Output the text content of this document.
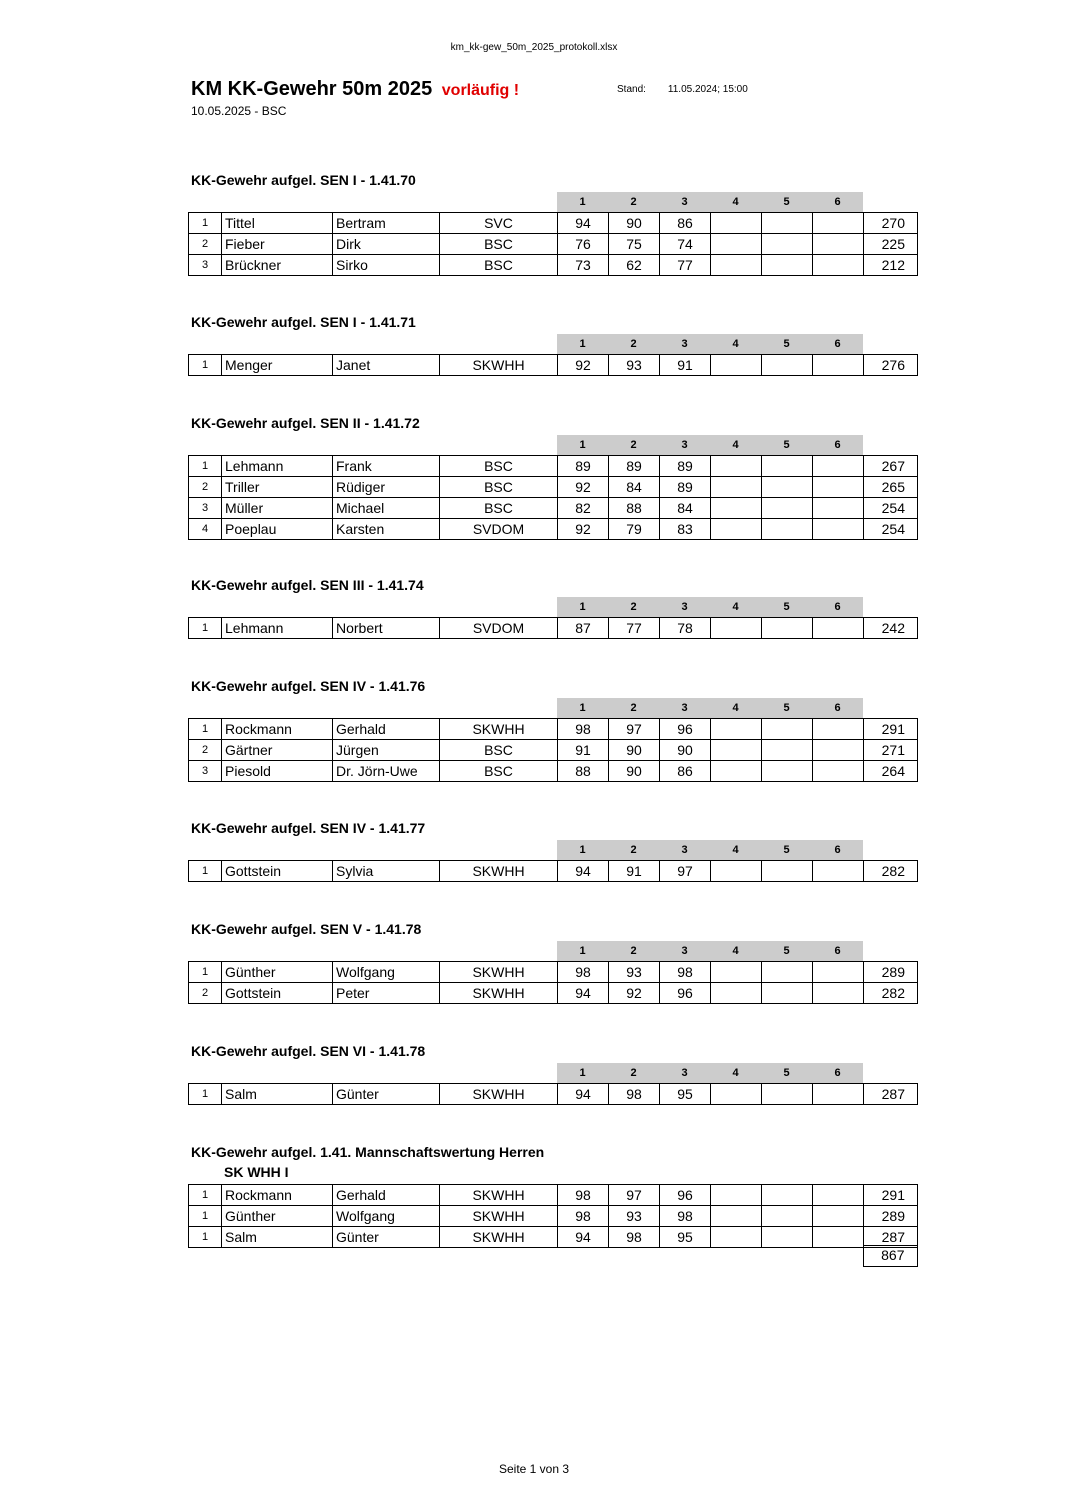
km_kk-gew_50m_2025_protokoll.xlsx
KM KK-Gewehr 50m 2025 vorläufig !
10.05.2025 - BSC
Stand: 11.05.2024; 15:00
KK-Gewehr aufgel. SEN I - 1.41.70
				1	2	3	4	5	6	
1	Tittel	Bertram	SVC	94	90	86				270
2	Fieber	Dirk	BSC	76	75	74				225
3	Brückner	Sirko	BSC	73	62	77				212
KK-Gewehr aufgel. SEN I - 1.41.71
				1	2	3	4	5	6	
1	Menger	Janet	SKWHH	92	93	91				276
KK-Gewehr aufgel. SEN II - 1.41.72
				1	2	3	4	5	6	
1	Lehmann	Frank	BSC	89	89	89				267
2	Triller	Rüdiger	BSC	92	84	89				265
3	Müller	Michael	BSC	82	88	84				254
4	Poeplau	Karsten	SVDOM	92	79	83				254
KK-Gewehr aufgel. SEN III - 1.41.74
				1	2	3	4	5	6	
1	Lehmann	Norbert	SVDOM	87	77	78				242
KK-Gewehr aufgel. SEN IV - 1.41.76
				1	2	3	4	5	6	
1	Rockmann	Gerhald	SKWHH	98	97	96				291
2	Gärtner	Jürgen	BSC	91	90	90				271
3	Piesold	Dr. Jörn-Uwe	BSC	88	90	86				264
KK-Gewehr aufgel. SEN IV - 1.41.77
				1	2	3	4	5	6	
1	Gottstein	Sylvia	SKWHH	94	91	97				282
KK-Gewehr aufgel. SEN V - 1.41.78
				1	2	3	4	5	6	
1	Günther	Wolfgang	SKWHH	98	93	98				289
2	Gottstein	Peter	SKWHH	94	92	96				282
KK-Gewehr aufgel. SEN VI - 1.41.78
				1	2	3	4	5	6	
1	Salm	Günter	SKWHH	94	98	95				287
KK-Gewehr aufgel. 1.41. Mannschaftswertung Herren
SK WHH I
1	Rockmann	Gerhald	SKWHH	98	97	96				291
1	Günther	Wolfgang	SKWHH	98	93	98				289
1	Salm	Günter	SKWHH	94	98	95				287
										867
Seite 1 von 3
